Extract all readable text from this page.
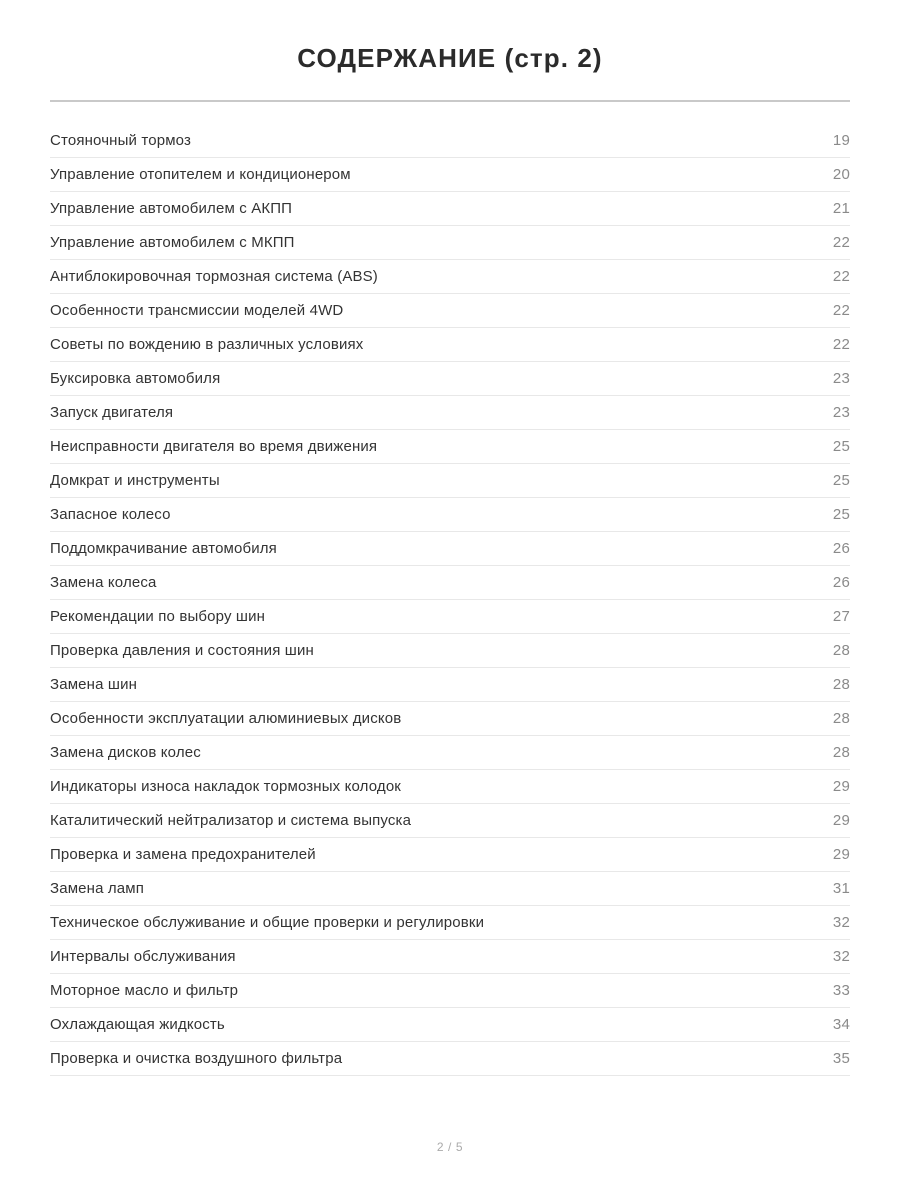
СОДЕРЖАНИЕ (стр. 2)
Стояночный тормоз	19
Управление отопителем и кондиционером	20
Управление автомобилем с АКПП	21
Управление автомобилем с МКПП	22
Антиблокировочная тормозная система (ABS)	22
Особенности трансмиссии моделей 4WD	22
Советы по вождению в различных условиях	22
Буксировка автомобиля	23
Запуск двигателя	23
Неисправности двигателя во время движения	25
Домкрат и инструменты	25
Запасное колесо	25
Поддомкрачивание автомобиля	26
Замена колеса	26
Рекомендации по выбору шин	27
Проверка давления и состояния шин	28
Замена шин	28
Особенности эксплуатации алюминиевых дисков	28
Замена дисков колес	28
Индикаторы износа накладок тормозных колодок	29
Каталитический нейтрализатор и система выпуска	29
Проверка и замена предохранителей	29
Замена ламп	31
Техническое обслуживание и общие проверки и регулировки	32
Интервалы обслуживания	32
Моторное масло и фильтр	33
Охлаждающая жидкость	34
Проверка и очистка воздушного фильтра	35
2 / 5
